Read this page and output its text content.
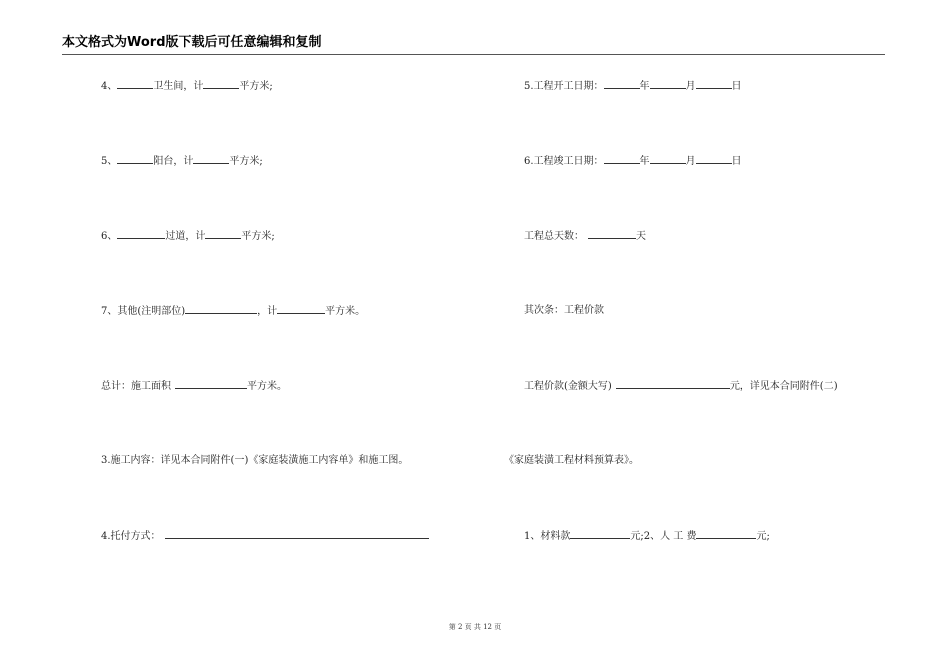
本文格式为Word版下载后可任意编辑和复制
4、	卫生间，计	平方米;
5、	阳台，计	平方米;
6、	过道，计	平方米;
7、其他(注明部位)	，计	平方米。
总计：施工面积	平方米。
3.施工内容：详见本合同附件(一)《家庭装潢施工内容单》和施工图。
4.托付方式：
5.工程开工日期：	年	月	日
6.工程竣工日期：	年	月	日
工程总天数：	天
其次条：工程价款
工程价款(金额大写)	元，详见本合同附件(二)
《家庭装潢工程材料预算表》。
1、材料款	元;2、人 工 费	元;
第 2 页 共 12 页
